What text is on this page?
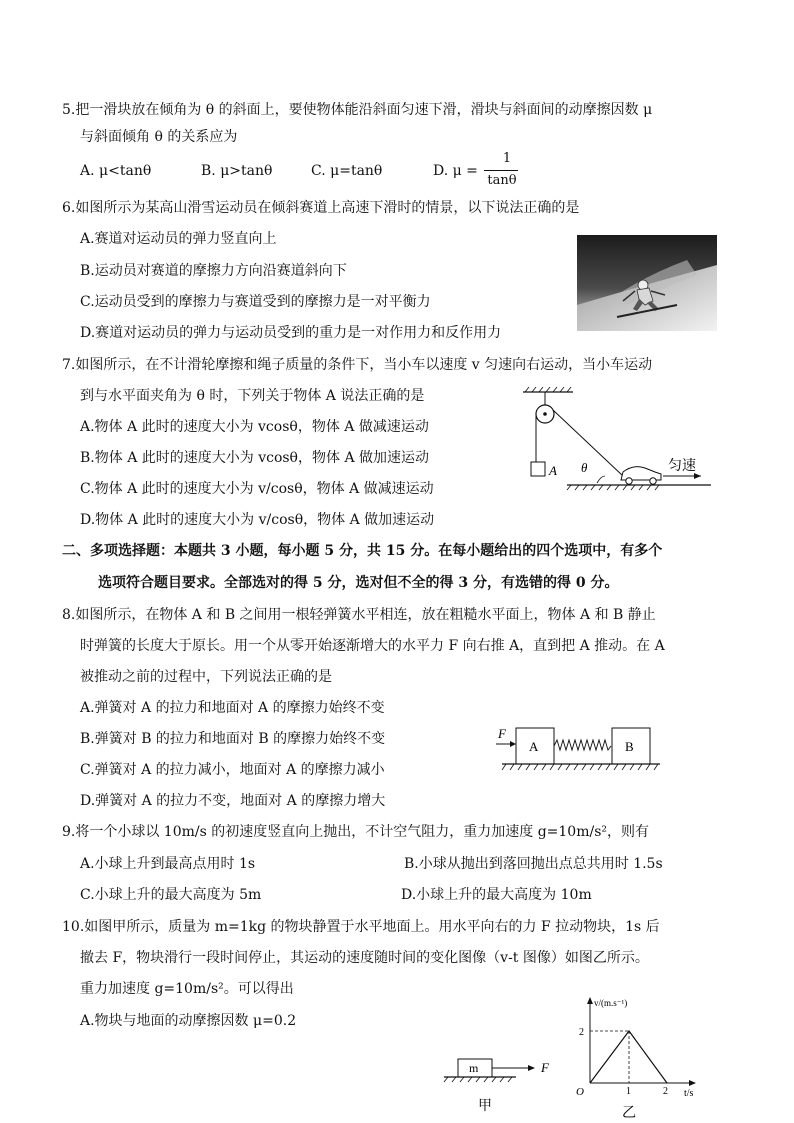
5.把一滑块放在倾角为 θ 的斜面上，要使物体能沿斜面匀速下滑，滑块与斜面间的动摩擦因数 μ
与斜面倾角 θ 的关系应为
A. μ<tanθ	B. μ>tanθ	C. μ=tanθ	D. μ =
1
tanθ
6.如图所示为某高山滑雪运动员在倾斜赛道上高速下滑时的情景，以下说法正确的是
A.赛道对运动员的弹力竖直向上
B.运动员对赛道的摩擦力方向沿赛道斜向下
C.运动员受到的摩擦力与赛道受到的摩擦力是一对平衡力
D.赛道对运动员的弹力与运动员受到的重力是一对作用力和反作用力
7.如图所示，在不计滑轮摩擦和绳子质量的条件下，当小车以速度 v 匀速向右运动，当小车运动
到与水平面夹角为 θ 时，下列关于物体 A 说法正确的是
A.物体 A 此时的速度大小为 vcosθ，物体 A 做减速运动
B.物体 A 此时的速度大小为 vcosθ，物体 A 做加速运动
C.物体 A 此时的速度大小为 v/cosθ，物体 A 做减速运动
D.物体 A 此时的速度大小为 v/cosθ，物体 A 做加速运动
A θ	匀速
二、多项选择题：本题共 3 小题，每小题 5 分，共 15 分。在每小题给出的四个选项中，有多个
选项符合题目要求。全部选对的得 5 分，选对但不全的得 3 分，有选错的得 0 分。
8.如图所示，在物体 A 和 B 之间用一根轻弹簧水平相连，放在粗糙水平面上，物体 A 和 B 静止
时弹簧的长度大于原长。用一个从零开始逐渐增大的水平力 F 向右推 A，直到把 A 推动。在 A
被推动之前的过程中，下列说法正确的是
A.弹簧对 A 的拉力和地面对 A 的摩擦力始终不变
B.弹簧对 B 的拉力和地面对 B 的摩擦力始终不变
C.弹簧对 A 的拉力减小，地面对 A 的摩擦力减小
D.弹簧对 A 的拉力不变，地面对 A 的摩擦力增大
F
A	B
9.将一个小球以 10m/s 的初速度竖直向上抛出，不计空气阻力，重力加速度 g=10m/s²，则有
A.小球上升到最高点用时 1s	B.小球从抛出到落回抛出点总共用时 1.5s
C.小球上升的最大高度为 5m	D.小球上升的最大高度为 10m
10.如图甲所示，质量为 m=1kg 的物块静置于水平地面上。用水平向右的力 F 拉动物块，1s 后
撤去 F，物块滑行一段时间停止，其运动的速度随时间的变化图像（v-t 图像）如图乙所示。
重力加速度 g=10m/s²。可以得出
A.物块与地面的动摩擦因数 μ=0.2
m	F
甲
v/(m.s⁻¹)
O
2
1	2 t/s
乙
